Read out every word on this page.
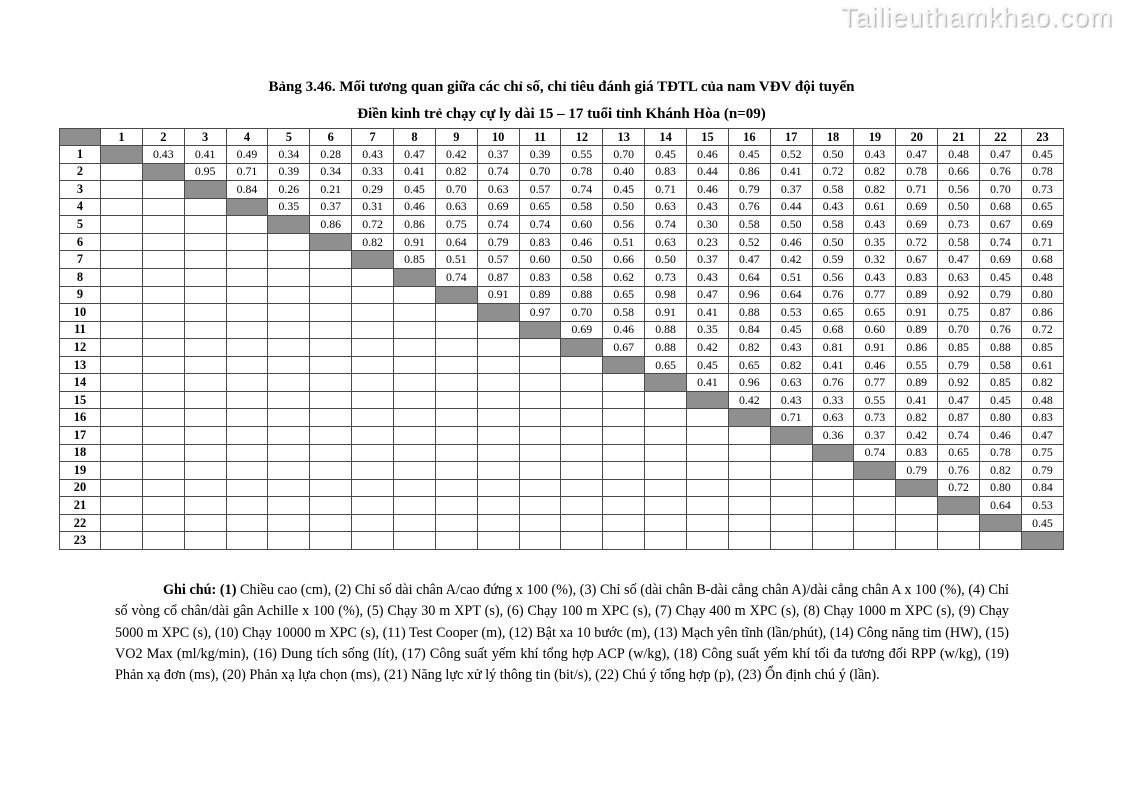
Tailieuthamkhao.com
Bảng 3.46. Mối tương quan giữa các chỉ số, chỉ tiêu đánh giá TĐTL của nam VĐV đội tuyển
Điền kinh trẻ chạy cự ly dài 15 – 17 tuổi tỉnh Khánh Hòa (n=09)
	1	2	3	4	5	6	7	8	9	10	11	12	13	14	15	16	17	18	19	20	21	22	23
1		0.43	0.41	0.49	0.34	0.28	0.43	0.47	0.42	0.37	0.39	0.55	0.70	0.45	0.46	0.45	0.52	0.50	0.43	0.47	0.48	0.47	0.45
2			0.95	0.71	0.39	0.34	0.33	0.41	0.82	0.74	0.70	0.78	0.40	0.83	0.44	0.86	0.41	0.72	0.82	0.78	0.66	0.76	0.78
3				0.84	0.26	0.21	0.29	0.45	0.70	0.63	0.57	0.74	0.45	0.71	0.46	0.79	0.37	0.58	0.82	0.71	0.56	0.70	0.73
4					0.35	0.37	0.31	0.46	0.63	0.69	0.65	0.58	0.50	0.63	0.43	0.76	0.44	0.43	0.61	0.69	0.50	0.68	0.65
5						0.86	0.72	0.86	0.75	0.74	0.74	0.60	0.56	0.74	0.30	0.58	0.50	0.58	0.43	0.69	0.73	0.67	0.69
6							0.82	0.91	0.64	0.79	0.83	0.46	0.51	0.63	0.23	0.52	0.46	0.50	0.35	0.72	0.58	0.74	0.71
7								0.85	0.51	0.57	0.60	0.50	0.66	0.50	0.37	0.47	0.42	0.59	0.32	0.67	0.47	0.69	0.68
8									0.74	0.87	0.83	0.58	0.62	0.73	0.43	0.64	0.51	0.56	0.43	0.83	0.63	0.45	0.48
9										0.91	0.89	0.88	0.65	0.98	0.47	0.96	0.64	0.76	0.77	0.89	0.92	0.79	0.80
10											0.97	0.70	0.58	0.91	0.41	0.88	0.53	0.65	0.65	0.91	0.75	0.87	0.86
11												0.69	0.46	0.88	0.35	0.84	0.45	0.68	0.60	0.89	0.70	0.76	0.72
12													0.67	0.88	0.42	0.82	0.43	0.81	0.91	0.86	0.85	0.88	0.85
13														0.65	0.45	0.65	0.82	0.41	0.46	0.55	0.79	0.58	0.61
14															0.41	0.96	0.63	0.76	0.77	0.89	0.92	0.85	0.82
15																0.42	0.43	0.33	0.55	0.41	0.47	0.45	0.48
16																	0.71	0.63	0.73	0.82	0.87	0.80	0.83
17																		0.36	0.37	0.42	0.74	0.46	0.47
18																			0.74	0.83	0.65	0.78	0.75
19																				0.79	0.76	0.82	0.79
20																					0.72	0.80	0.84
21																						0.64	0.53
22																							0.45
23																							

Ghi chú: (1) Chiều cao (cm), (2) Chỉ số dài chân A/cao đứng x 100 (%), (3) Chỉ số (dài chân B-dài cẳng chân A)/dài cẳng chân A x 100 (%), (4) Chỉ số vòng cổ chân/dài gân Achille x 100 (%), (5) Chạy 30 m XPT (s), (6) Chạy 100 m XPC (s), (7) Chạy 400 m XPC (s), (8) Chạy 1000 m XPC (s), (9) Chạy 5000 m XPC (s), (10) Chạy 10000 m XPC (s), (11) Test Cooper (m), (12) Bật xa 10 bước (m), (13) Mạch yên tĩnh (lần/phút), (14) Công năng tim (HW), (15) VO2 Max (ml/kg/min), (16) Dung tích sống (lít), (17) Công suất yếm khí tổng hợp ACP (w/kg), (18) Công suất yếm khí tối đa tương đối RPP (w/kg), (19) Phản xạ đơn (ms), (20) Phản xạ lựa chọn (ms), (21) Năng lực xử lý thông tin (bit/s), (22) Chú ý tổng hợp (p), (23) Ổn định chú ý (lần).
